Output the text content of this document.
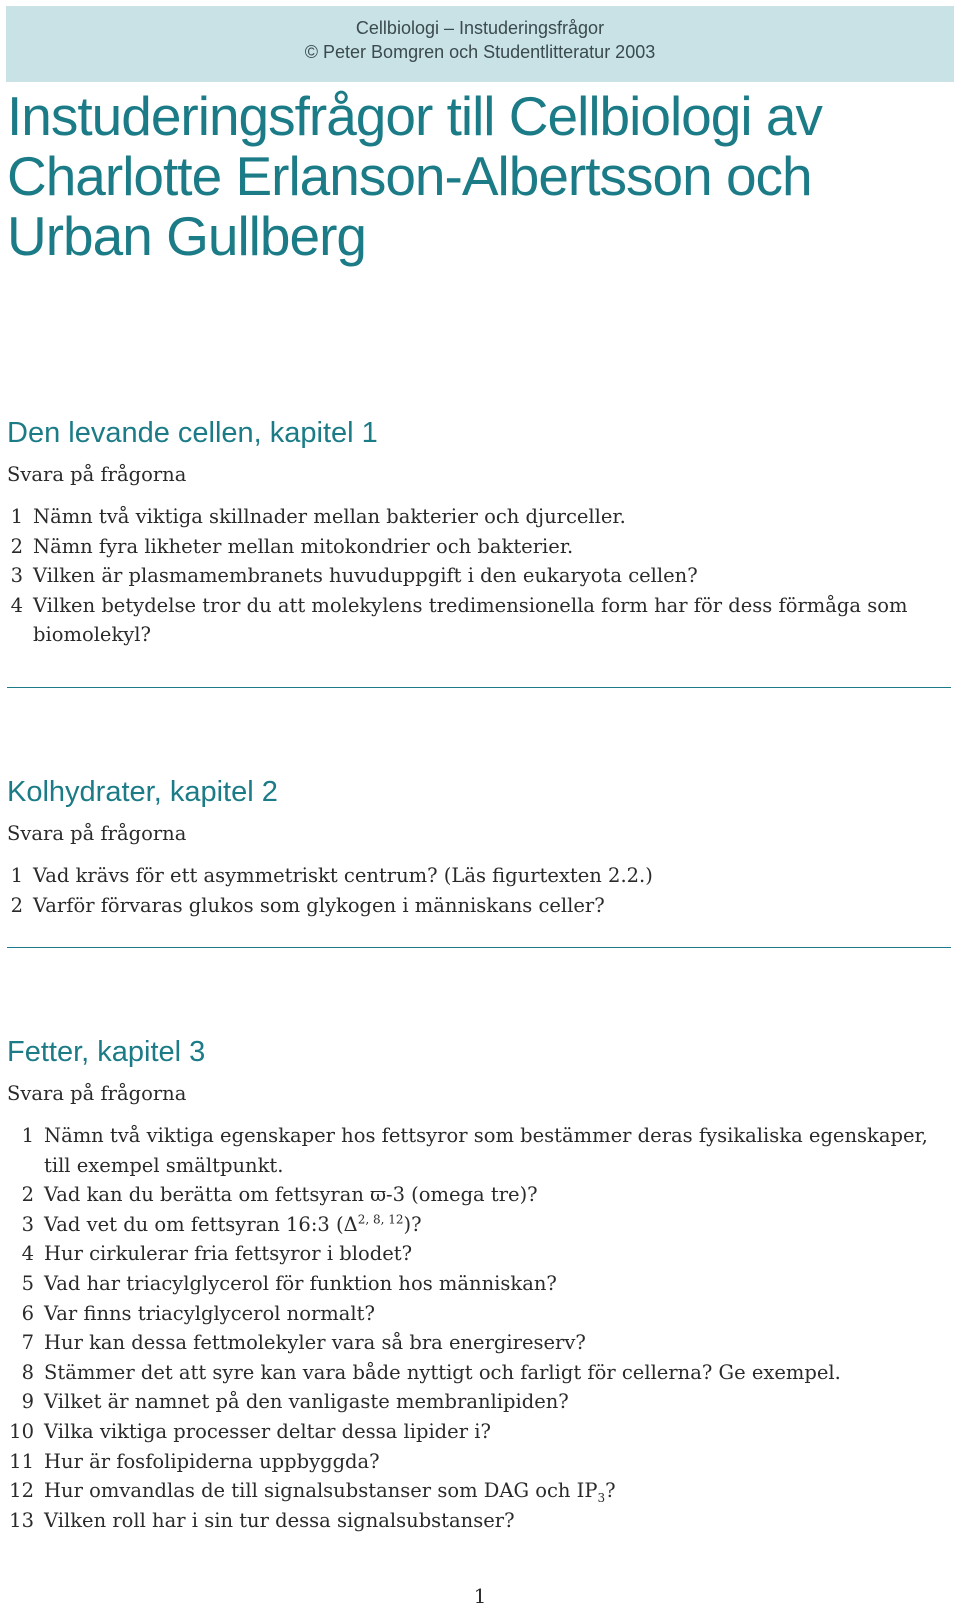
Cellbiologi – Instuderingsfrågor
© Peter Bomgren och Studentlitteratur 2003
Instuderingsfrågor till Cellbiologi av
Charlotte Erlanson-Albertsson och
Urban Gullberg
Den levande cellen, kapitel 1
Svara på frågorna
1 Nämn två viktiga skillnader mellan bakterier och djurceller.
2 Nämn fyra likheter mellan mitokondrier och bakterier.
3 Vilken är plasmamembranets huvuduppgift i den eukaryota cellen?
4 Vilken betydelse tror du att molekylens tredimensionella form har för dess förmåga som biomolekyl?
Kolhydrater, kapitel 2
Svara på frågorna
1 Vad krävs för ett asymmetriskt centrum? (Läs figurtexten 2.2.)
2 Varför förvaras glukos som glykogen i människans celler?
Fetter, kapitel 3
Svara på frågorna
1 Nämn två viktiga egenskaper hos fettsyror som bestämmer deras fysikaliska egenskaper, till exempel smältpunkt.
2 Vad kan du berätta om fettsyran ϖ-3 (omega tre)?
3 Vad vet du om fettsyran 16:3 $(\Delta^{2, 8, 12})$?
4 Hur cirkulerar fria fettsyror i blodet?
5 Vad har triacylglycerol för funktion hos människan?
6 Var finns triacylglycerol normalt?
7 Hur kan dessa fettmolekyler vara så bra energireserv?
8 Stämmer det att syre kan vara både nyttigt och farligt för cellerna? Ge exempel.
9 Vilket är namnet på den vanligaste membranlipiden?
10 Vilka viktiga processer deltar dessa lipider i?
11 Hur är fosfolipiderna uppbyggda?
12 Hur omvandlas de till signalsubstanser som DAG och $IP_3$?
13 Vilken roll har i sin tur dessa signalsubstanser?
1
